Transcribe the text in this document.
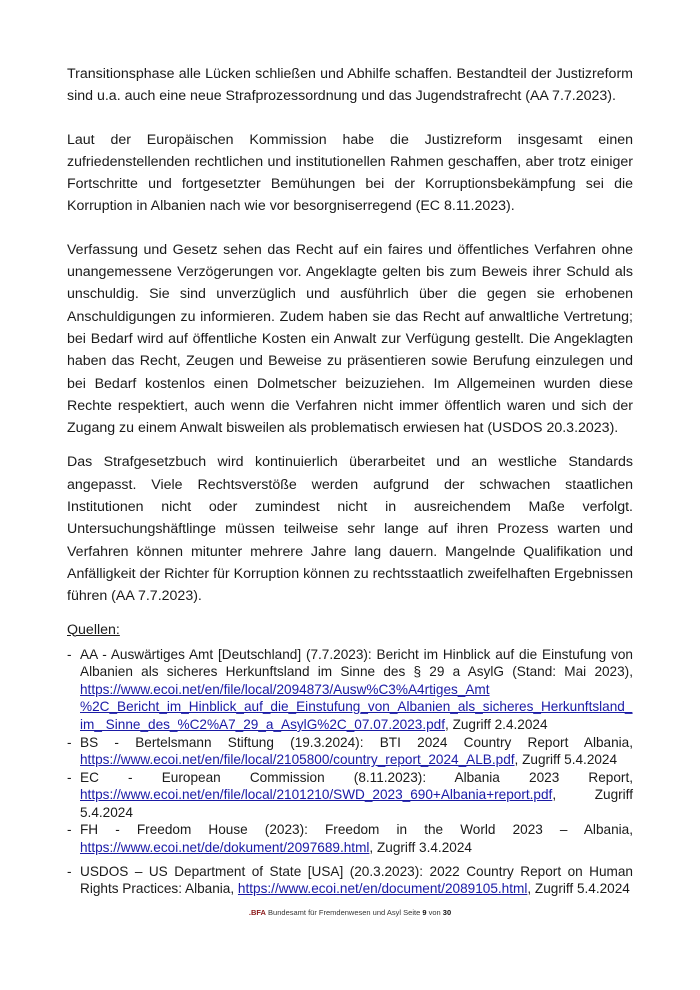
Transitionsphase alle Lücken schließen und Abhilfe schaffen. Bestandteil der Justizreform sind u.a. auch eine neue Strafprozessordnung und das Jugendstrafrecht (AA 7.7.2023).

Laut der Europäischen Kommission habe die Justizreform insgesamt einen zufriedenstellenden rechtlichen und institutionellen Rahmen geschaffen, aber trotz einiger Fortschritte und fortgesetzter Bemühungen bei der Korruptionsbekämpfung sei die Korruption in Albanien nach wie vor besorgniserregend (EC 8.11.2023).

Verfassung und Gesetz sehen das Recht auf ein faires und öffentliches Verfahren ohne unangemessene Verzögerungen vor. Angeklagte gelten bis zum Beweis ihrer Schuld als unschuldig. Sie sind unverzüglich und ausführlich über die gegen sie erhobenen Anschuldigungen zu informieren. Zudem haben sie das Recht auf anwaltliche Vertretung; bei Bedarf wird auf öffentliche Kosten ein Anwalt zur Verfügung gestellt. Die Angeklagten haben das Recht, Zeugen und Beweise zu präsentieren sowie Berufung einzulegen und bei Bedarf kostenlos einen Dolmetscher beizuziehen. Im Allgemeinen wurden diese Rechte respektiert, auch wenn die Verfahren nicht immer öffentlich waren und sich der Zugang zu einem Anwalt bisweilen als problematisch erwiesen hat (USDOS 20.3.2023).

Das Strafgesetzbuch wird kontinuierlich überarbeitet und an westliche Standards angepasst. Viele Rechtsverstöße werden aufgrund der schwachen staatlichen Institutionen nicht oder zumindest nicht in ausreichendem Maße verfolgt. Untersuchungshäftlinge müssen teilweise sehr lange auf ihren Prozess warten und Verfahren können mitunter mehrere Jahre lang dauern. Mangelnde Qualifikation und Anfälligkeit der Richter für Korruption können zu rechtsstaatlich zweifelhaften Ergebnissen führen (AA 7.7.2023).

Quellen:
- AA - Auswärtiges Amt [Deutschland] (7.7.2023): Bericht im Hinblick auf die Einstufung von Albanien als sicheres Herkunftsland im Sinne des § 29 a AsylG (Stand: Mai 2023), https://www.ecoi.net/en/file/local/2094873/Ausw%C3%A4rtiges_Amt %2C_Bericht_im_Hinblick_auf_die_Einstufung_von_Albanien_als_sicheres_Herkunftsland_im_ Sinne_des_%C2%A7_29_a_AsylG%2C_07.07.2023.pdf, Zugriff 2.4.2024
- BS - Bertelsmann Stiftung (19.3.2024): BTI 2024 Country Report Albania, https://www.ecoi.net/en/file/local/2105800/country_report_2024_ALB.pdf, Zugriff 5.4.2024
- EC - European Commission (8.11.2023): Albania 2023 Report, https://www.ecoi.net/en/file/local/2101210/SWD_2023_690+Albania+report.pdf, Zugriff 5.4.2024
- FH - Freedom House (2023): Freedom in the World 2023 – Albania, https://www.ecoi.net/de/dokument/2097689.html, Zugriff 3.4.2024
- USDOS – US Department of State [USA] (20.3.2023): 2022 Country Report on Human Rights Practices: Albania, https://www.ecoi.net/en/document/2089105.html, Zugriff 5.4.2024
.BFA Bundesamt für Fremdenwesen und Asyl Seite 9 von 30
